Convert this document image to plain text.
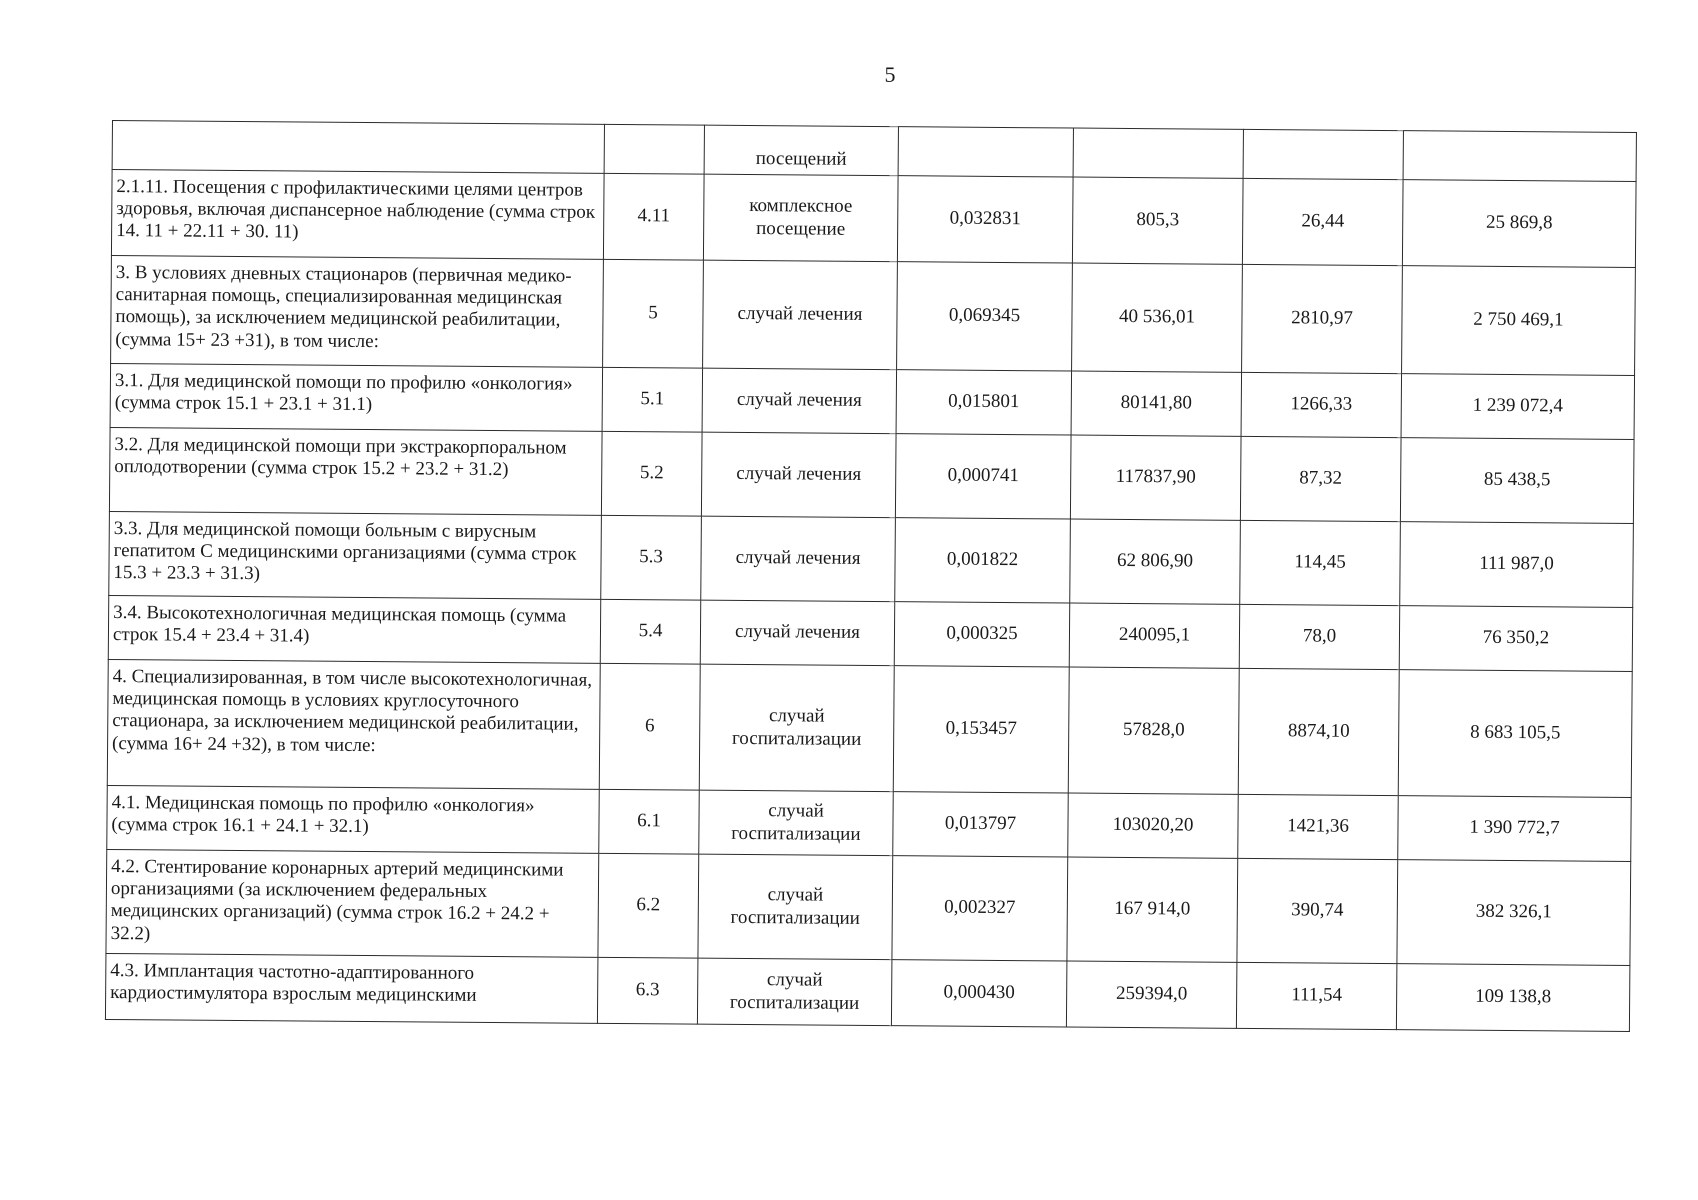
5
		посещений				
2.1.11. Посещения с профилактическими целями центров здоровья, включая диспансерное наблюдение (сумма строк 14. 11 + 22.11 + 30. 11)	4.11	комплексное посещение	0,032831	805,3	26,44	25 869,8
3. В условиях дневных стационаров (первичная медико-санитарная помощь, специализированная медицинская помощь), за исключением медицинской реабилитации, (сумма 15+ 23 +31), в том числе:	5	случай лечения	0,069345	40 536,01	2810,97	2 750 469,1
3.1. Для медицинской помощи по профилю «онкология» (сумма строк 15.1 + 23.1 + 31.1)	5.1	случай лечения	0,015801	80141,80	1266,33	1 239 072,4
3.2. Для медицинской помощи при экстракорпоральном оплодотворении (сумма строк 15.2 + 23.2 + 31.2)	5.2	случай лечения	0,000741	117837,90	87,32	85 438,5
3.3. Для медицинской помощи больным с вирусным гепатитом С медицинскими организациями (сумма строк 15.3 + 23.3 + 31.3)	5.3	случай лечения	0,001822	62 806,90	114,45	111 987,0
3.4. Высокотехнологичная медицинская помощь (сумма строк 15.4 + 23.4 + 31.4)	5.4	случай лечения	0,000325	240095,1	78,0	76 350,2
4. Специализированная, в том числе высокотехнологичная, медицинская помощь в условиях круглосуточного стационара, за исключением медицинской реабилитации, (сумма 16+ 24 +32), в том числе:	6	случай госпитализации	0,153457	57828,0	8874,10	8 683 105,5
4.1. Медицинская помощь по профилю «онкология» (сумма строк 16.1 + 24.1 + 32.1)	6.1	случай госпитализации	0,013797	103020,20	1421,36	1 390 772,7
4.2. Стентирование коронарных артерий медицинскими организациями (за исключением федеральных медицинских организаций) (сумма строк 16.2 + 24.2 + 32.2)	6.2	случай госпитализации	0,002327	167 914,0	390,74	382 326,1
4.3. Имплантация частотно-адаптированного кардиостимулятора взрослым медицинскими	6.3	случай госпитализации	0,000430	259394,0	111,54	109 138,8
